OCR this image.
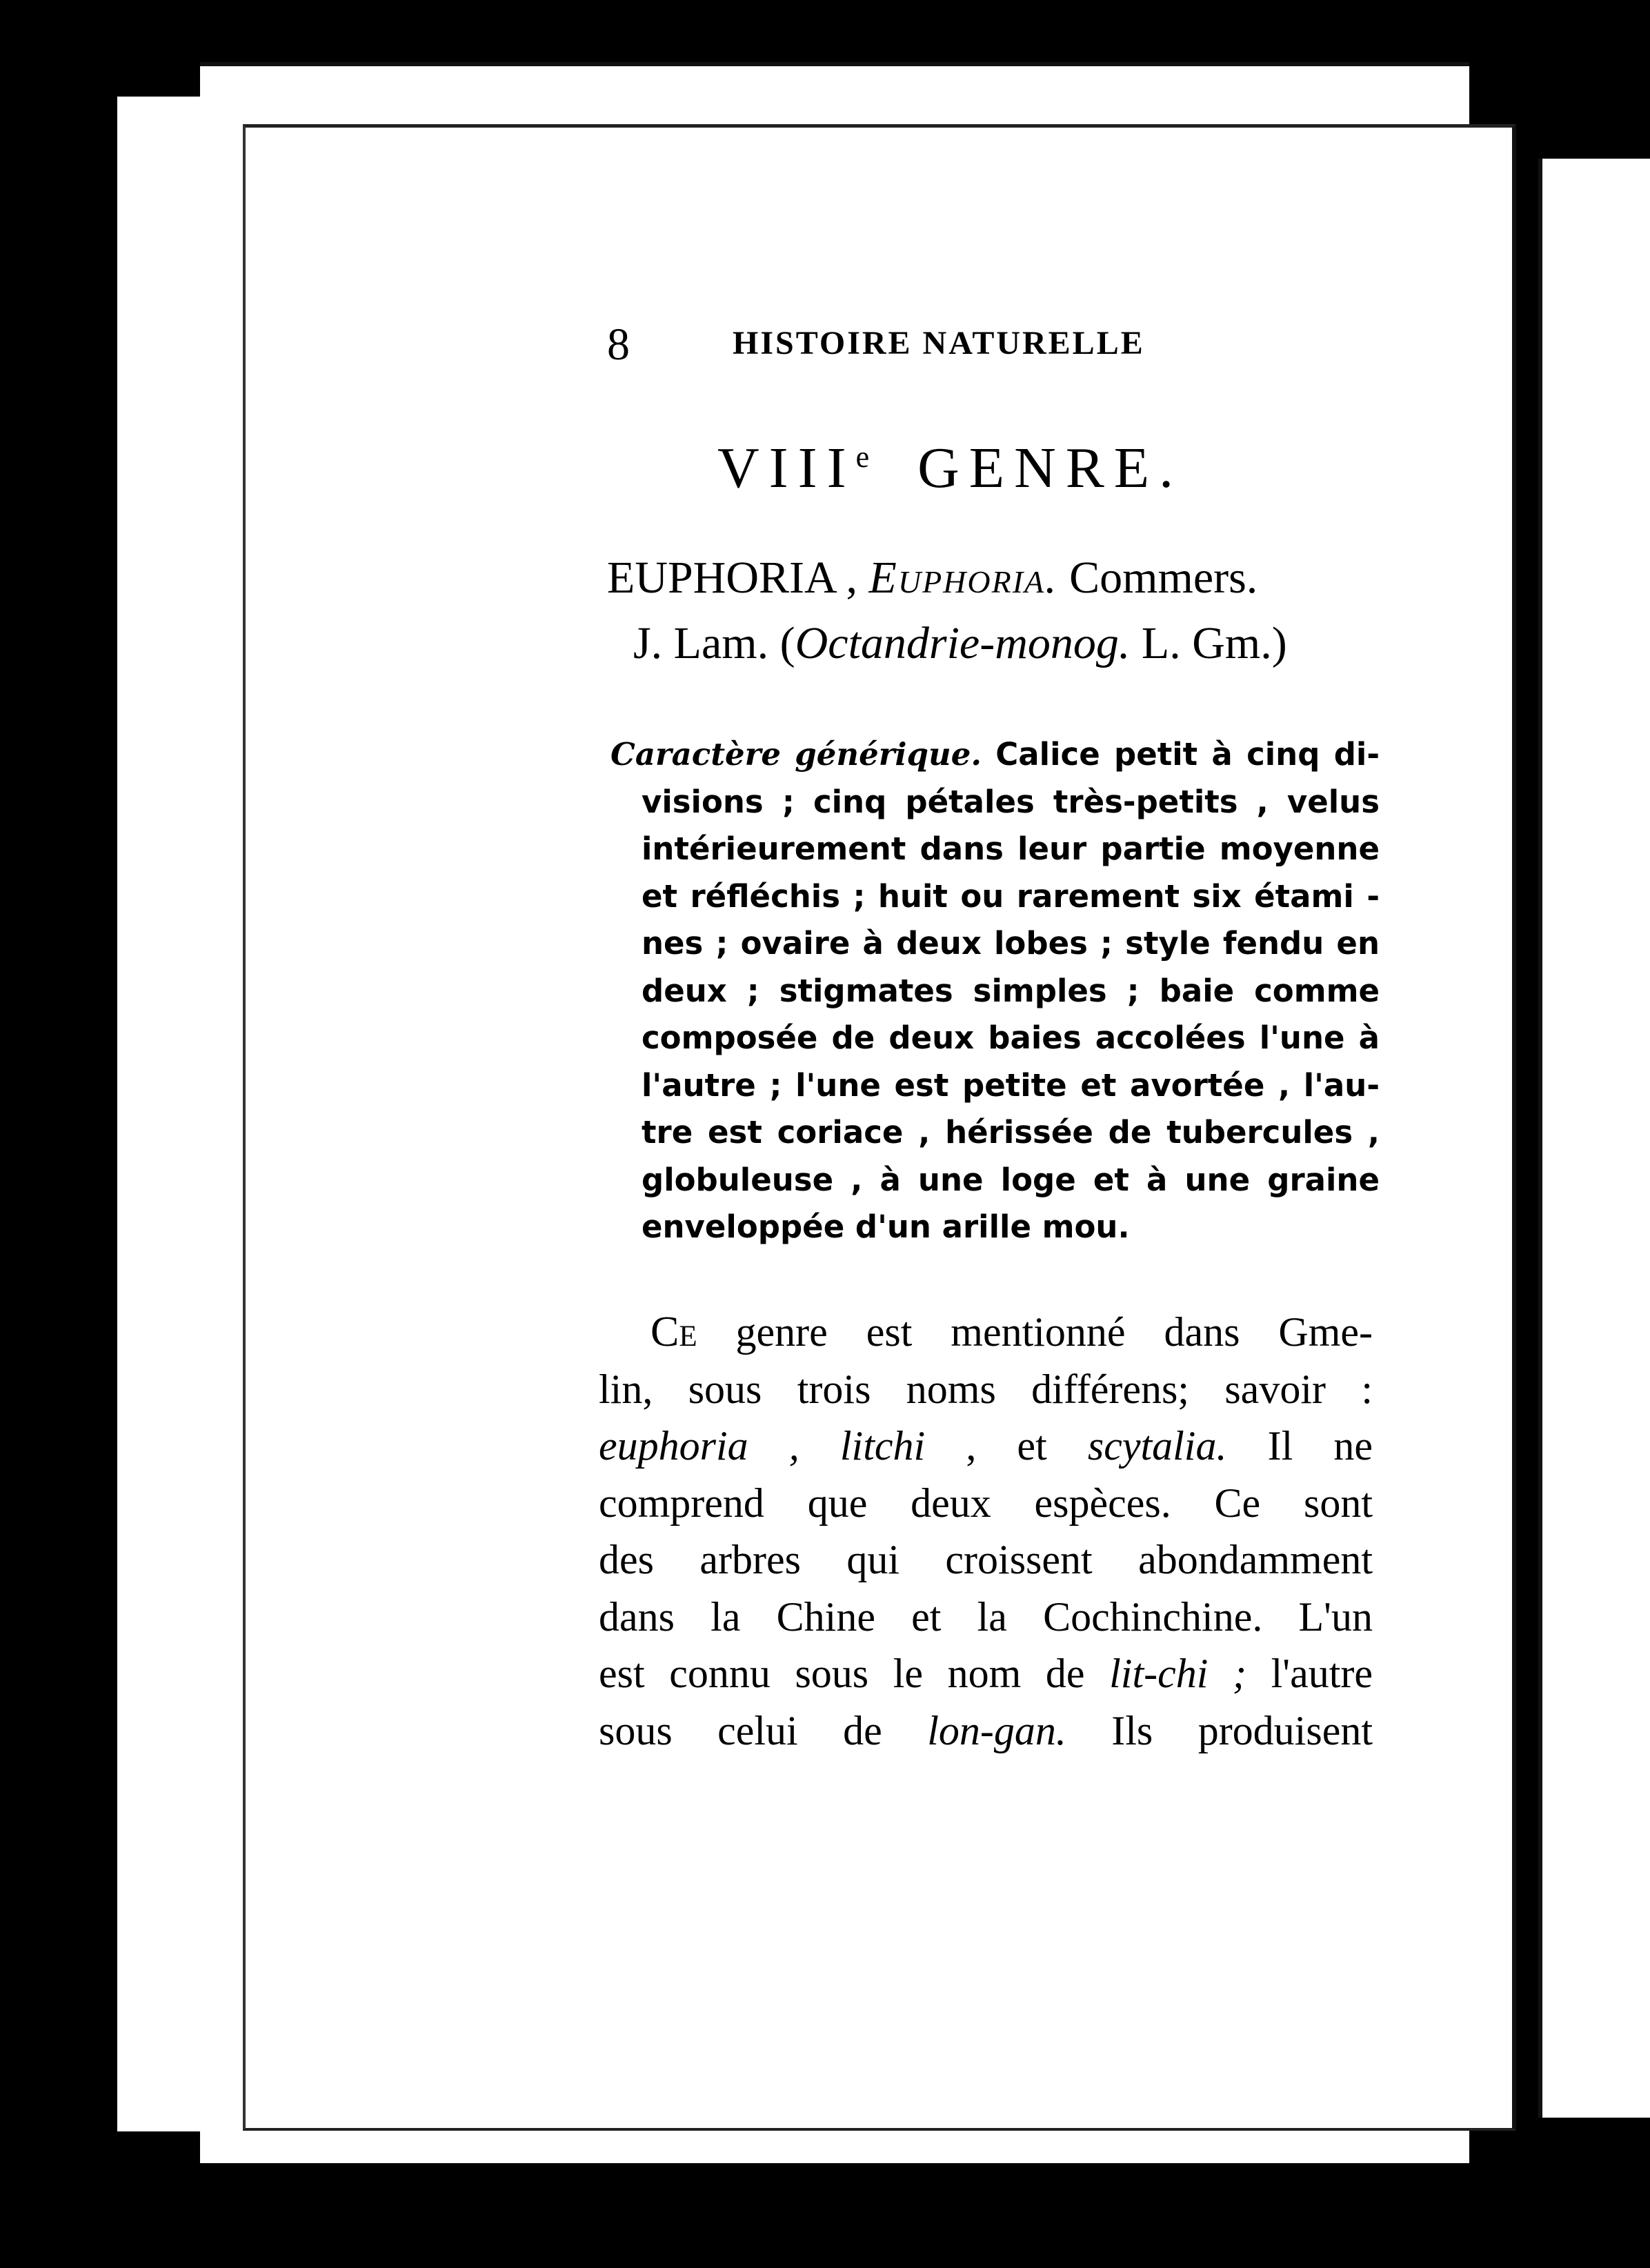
8	HISTOIRE NATURELLE
VIIIe GENRE.
EUPHORIA , Euphoria. Commers.
J. Lam. (Octandrie-monog. L. Gm.)
Caractère générique. Calice petit à cinq di-
visions ; cinq pétales très-petits , velus
intérieurement dans leur partie moyenne
et réfléchis ; huit ou rarement six étami -
nes ; ovaire à deux lobes ; style fendu en
deux ; stigmates simples ; baie comme
composée de deux baies accolées l'une à
l'autre ; l'une est petite et avortée , l'au-
tre est coriace , hérissée de tubercules ,
globuleuse , à une loge et à une graine
enveloppée d'un arille mou.
Ce genre est mentionné dans Gme-
lin, sous trois noms différens; savoir :
euphoria , litchi , et scytalia. Il ne
comprend que deux espèces. Ce sont
des arbres qui croissent abondamment
dans la Chine et la Cochinchine. L'un
est connu sous le nom de lit-chi ; l'autre
sous celui de lon-gan. Ils produisent
